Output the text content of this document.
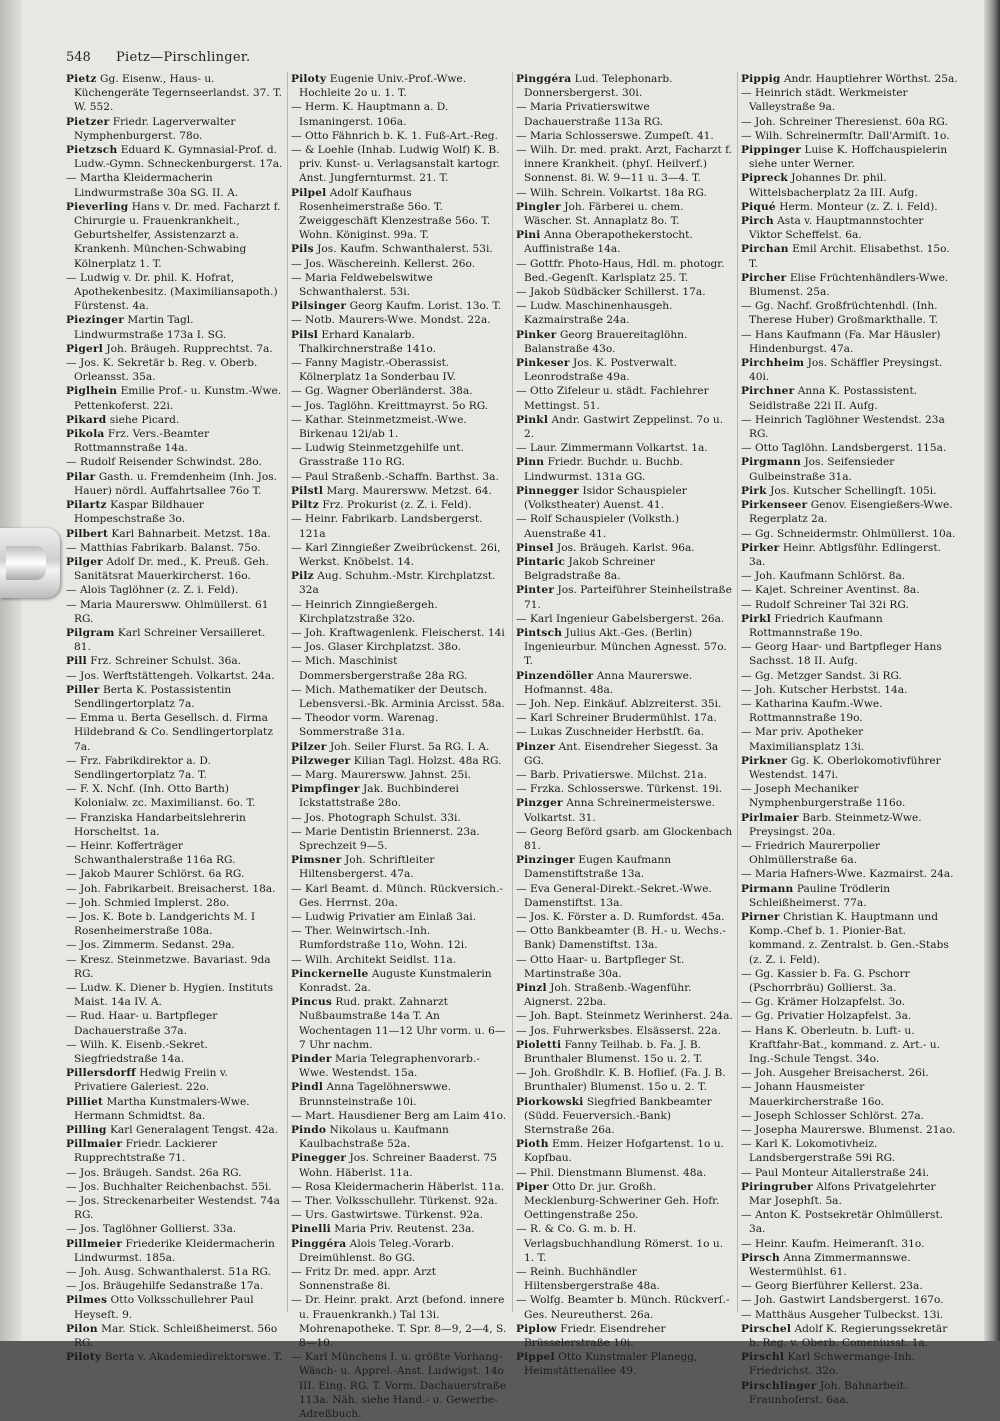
548 Pietz—Pirschlinger.

Pietz Gg. Eisenw., Haus- u. Küchengeräte Tegernseerlandst. 37. T. W. 552.

Pietzer Friedr. Lagerverwalter Nymphenburgerst. 78o.

Pietzsch Eduard K. Gymnasial-Prof. d. Ludw.-Gymn. Schneckenburgerst. 17a.

— Martha Kleidermacherin Lindwurmstraße 30a SG. II. A.

Pieverling Hans v. Dr. med. Facharzt f. Chirurgie u. Frauenkrankheit., Geburtshelfer, Assistenzarzt a. Krankenh. München-Schwabing Kölnerplatz 1. T.

— Ludwig v. Dr. phil. K. Hofrat, Apothekenbesitz. (Maximiliansapoth.) Fürstenst. 4a.

Piezinger Martin Tagl. Lindwurmstraße 173a I. SG.

Pigerl Joh. Bräugeh. Rupprechtst. 7a.

— Jos. K. Sekretär b. Reg. v. Oberb. Orleansst. 35a.

Piglhein Emilie Prof.- u. Kunstm.-Wwe. Pettenkoferst. 22i.

Pikard siehe Picard.

Pikola Frz. Vers.-Beamter Rottmannstraße 14a.

— Rudolf Reisender Schwindst. 28o.

Pilar Gasth. u. Fremdenheim (Inh. Jos. Hauer) nördl. Auffahrtsallee 76o T.

Pilartz Kaspar Bildhauer Hompeschstraße 3o.

Pilbert Karl Bahnarbeit. Metzst. 18a.

— Matthias Fabrikarb. Balanst. 75o.

Pilger Adolf Dr. med., K. Preuß. Geh. Sanitätsrat Mauerkircherst. 16o.

— Alois Taglöhner (z. Z. i. Feld).

— Maria Maurersww. Ohlmüllerst. 61 RG.

Pilgram Karl Schreiner Versailleret. 81.

Pill Frz. Schreiner Schulst. 36a.

— Jos. Werftstättengeh. Volkartst. 24a.

Piller Berta K. Postassistentin Sendlingertorplatz 7a.

— Emma u. Berta Gesellsch. d. Firma Hildebrand & Co. Sendlingertorplatz 7a.

— Frz. Fabrikdirektor a. D. Sendlingertorplatz 7a. T.

— F. X. Nchf. (Inh. Otto Barth) Kolonialw. zc. Maximilianst. 6o. T.

— Franziska Handarbeitslehrerin Horscheltst. 1a.

— Heinr. Kofferträger Schwanthalerstraße 116a RG.

— Jakob Maurer Schlörst. 6a RG.

— Joh. Fabrikarbeit. Breisacherst. 18a.

— Joh. Schmied Implerst. 28o.

— Jos. K. Bote b. Landgerichts M. I Rosenheimerstraße 108a.

— Jos. Zimmerm. Sedanst. 29a.

— Kresz. Steinmetzwe. Bavariast. 9da RG.

— Ludw. K. Diener b. Hygien. Instituts Maist. 14a IV. A.

— Rud. Haar- u. Bartpfleger Dachauerstraße 37a.

— Wilh. K. Eisenb.-Sekret. Siegfriedstraße 14a.

Pillersdorff Hedwig Freiin v. Privatiere Galeriest. 22o.

Pilliet Martha Kunstmalers-Wwe. Hermann Schmidtst. 8a.

Pilling Karl Generalagent Tengst. 42a.

Pillmaier Friedr. Lackierer Rupprechtstraße 71.

— Jos. Bräugeh. Sandst. 26a RG.

— Jos. Buchhalter Reichenbachst. 55i.

— Jos. Streckenarbeiter Westendst. 74a RG.

— Jos. Taglöhner Gollierst. 33a.

Pillmeier Friederike Kleidermacherin Lindwurmst. 185a.

— Joh. Ausg. Schwanthalerst. 51a RG.

— Jos. Bräugehilfe Sedanstraße 17a.

Pilmes Otto Volksschullehrer Paul Heyseſt. 9.

Pilon Mar. Stick. Schleißheimerst. 56o RG.

Piloty Berta v. Akademiedirektorswe. T.

Piloty Eugenie Univ.-Prof.-Wwe. Hochleite 2o u. 1. T.

— Herm. K. Hauptmann a. D. Ismaningerst. 106a.

— Otto Fähnrich b. K. 1. Fuß-Art.-Reg.

— & Loehle (Inhab. Ludwig Wolf) K. B. priv. Kunst- u. Verlagsanstalt kartogr. Anst. Jungfernturmst. 21. T.

Pilpel Adolf Kaufhaus Rosenheimerstraße 56o. T. Zweiggeschäft Klenzestraße 56o. T. Wohn. Königinst. 99a. T.

Pils Jos. Kaufm. Schwanthalerst. 53i.

— Jos. Wäschereinh. Kellerst. 26o.

— Maria Feldwebelswitwe Schwanthalerst. 53i.

Pilsinger Georg Kaufm. Lorist. 13o. T.

— Notb. Maurers-Wwe. Mondst. 22a.

Pilsl Erhard Kanalarb. Thalkirchnerstraße 141o.

— Fanny Magistr.-Oberassist. Kölnerplatz 1a Sonderbau IV.

— Gg. Wagner Oberländerst. 38a.

— Jos. Taglöhn. Kreittmayrst. 5o RG.

— Kathar. Steinmetzmeist.-Wwe. Birkenau 12i/ab 1.

— Ludwig Steinmetzgehilfe unt. Grasstraße 11o RG.

— Paul Straßenb.-Schaffn. Barthst. 3a.

Pilstl Marg. Maurersww. Metzst. 64.

Piltz Frz. Prokurist (z. Z. i. Feld).

— Heinr. Fabrikarb. Landsbergerst. 121a

— Karl Zinngießer Zweibrückenst. 26i, Werkst. Knöbelst. 14.

Pilz Aug. Schuhm.-Mstr. Kirchplatzst. 32a

— Heinrich Zinngießergeh. Kirchplatzstraße 32o.

— Joh. Kraftwagenlenk. Fleischerst. 14i

— Jos. Glaser Kirchplatzst. 38o.

— Mich. Maschinist Dommersbergerstraße 28a RG.

— Mich. Mathematiker der Deutsch. Lebensversi.-Bk. Arminia Arcisst. 58a.

— Theodor vorm. Warenag. Sommerstraße 31a.

Pilzer Joh. Seiler Flurst. 5a RG. I. A.

Pilzweger Kilian Tagl. Holzst. 48a RG.

— Marg. Maurersww. Jahnst. 25i.

Pimpfinger Jak. Buchbinderei Ickstattstraße 28o.

— Jos. Photograph Schulst. 33i.

— Marie Dentistin Briennerst. 23a. Sprechzeit 9—5.

Pimsner Joh. Schriftleiter Hiltensbergerst. 47a.

— Karl Beamt. d. Münch. Rückversich.-Ges. Herrnst. 20a.

— Ludwig Privatier am Einlaß 3ai.

— Ther. Weinwirtsch.-Inh. Rumfordstraße 11o, Wohn. 12i.

— Wilh. Architekt Seidlst. 11a.

Pinckernelle Auguste Kunstmalerin Konradst. 2a.

Pincus Rud. prakt. Zahnarzt Nußbaumstraße 14a T. An Wochentagen 11—12 Uhr vorm. u. 6—7 Uhr nachm.

Pinder Maria Telegraphenvorarb.-Wwe. Westendst. 15a.

Pindl Anna Tagelöhnerswwe. Brunnsteinstraße 10i.

— Mart. Hausdiener Berg am Laim 41o.

Pindo Nikolaus u. Kaufmann Kaulbachstraße 52a.

Pinegger Jos. Schreiner Baaderst. 75 Wohn. Häberlst. 11a.

— Rosa Kleidermacherin Häberlst. 11a.

— Ther. Volksschullehr. Türkenst. 92a.

— Urs. Gastwirtswe. Türkenst. 92a.

Pinelli Maria Priv. Reutenst. 23a.

Pinggéra Alois Teleg.-Vorarb. Dreimühlenst. 8o GG.

— Fritz Dr. med. appr. Arzt Sonnenstraße 8i.

— Dr. Heinr. prakt. Arzt (befond. innere u. Frauenkrankh.) Tal 13i. Mohrenapotheke. T. Spr. 8—9, 2—4, S. 8—10.

— Karl Münchens I. u. größte Vorhang-Wäsch- u. Apprel.-Anst. Ludwigst. 14o III. Eing. RG. T. Vorm. Dachauerstraße 113a. Näh. siehe Hand.- u. Gewerbe-Adreßbuch.

Pinggéra Lud. Telephonarb. Donnersbergerst. 30i.

— Maria Privatierswitwe Dachauerstraße 113a RG.

— Maria Schlosserswe. Zumpeſt. 41.

— Wilh. Dr. med. prakt. Arzt, Facharzt f. innere Krankheit. (phyſ. Heilverf.) Sonnenst. 8i. W. 9—11 u. 3—4. T.

— Wilh. Schrein. Volkartst. 18a RG.

Pingler Joh. Färberei u. chem. Wäscher. St. Annaplatz 8o. T.

Pini Anna Oberapothekerstocht. Auffinistraße 14a.

— Gottfr. Photo-Haus, Hdl. m. photogr. Bed.-Gegenſt. Karlsplatz 25. T.

— Jakob Südbäcker Schillerst. 17a.

— Ludw. Maschinenhausgeh. Kazmairstraße 24a.

Pinker Georg Brauereitaglöhn. Balanstraße 43o.

Pinkeser Jos. K. Postverwalt. Leonrodstraße 49a.

— Otto Zifeleur u. städt. Fachlehrer Mettingst. 51.

Pinkl Andr. Gastwirt Zeppelinst. 7o u. 2.

— Laur. Zimmermann Volkartst. 1a.

Pinn Friedr. Buchdr. u. Buchb. Lindwurmst. 131a GG.

Pinnegger Isidor Schauspieler (Volkstheater) Auenst. 41.

— Rolf Schauspieler (Volksth.) Auenstraße 41.

Pinsel Jos. Bräugeh. Karlst. 96a.

Pintaric Jakob Schreiner Belgradstraße 8a.

Pinter Jos. Parteiführer Steinheilstraße 71.

— Karl Ingenieur Gabelsbergerst. 26a.

Pintsch Julius Akt.-Ges. (Berlin) Ingenieurbur. München Agnesst. 57o. T.

Pinzendöller Anna Maurerswe. Hofmannst. 48a.

— Joh. Nep. Einkäuf. Ablzreiterst. 35i.

— Karl Schreiner Brudermühlst. 17a.

— Lukas Zuschneider Herbstſt. 6a.

Pinzer Ant. Eisendreher Siegesst. 3a GG.

— Barb. Privatierswe. Milchst. 21a.

— Frzka. Schlosserswe. Türkenst. 19i.

Pinzger Anna Schreinermeisterswe. Volkartst. 31.

— Georg Beförd gsarb. am Glockenbach 81.

Pinzinger Eugen Kaufmann Damenstiftstraße 13a.

— Eva General-Direkt.-Sekret.-Wwe. Damenstiftst. 13a.

— Jos. K. Förster a. D. Rumfordst. 45a.

— Otto Bankbeamter (B. H.- u. Wechs.-Bank) Damenstiftst. 13a.

— Otto Haar- u. Bartpfleger St. Martinstraße 30a.

Pinzl Joh. Straßenb.-Wagenführ. Aignerst. 22ba.

— Joh. Bapt. Steinmetz Werinherst. 24a.

— Jos. Fuhrwerksbes. Elsässerst. 22a.

Pioletti Fanny Teilhab. b. Fa. J. B. Brunthaler Blumenst. 15o u. 2. T.

— Joh. Großhdlr. K. B. Hoflief. (Fa. J. B. Brunthaler) Blumenst. 15o u. 2. T.

Piorkowski Siegfried Bankbeamter (Südd. Feuerversich.-Bank) Sternstraße 26a.

Pioth Emm. Heizer Hofgartenst. 1o u. Kopfbau.

— Phil. Dienstmann Blumenst. 48a.

Piper Otto Dr. jur. Großh. Mecklenburg-Schweriner Geh. Hofr. Oettingenstraße 25o.

— R. & Co. G. m. b. H. Verlagsbuchhandlung Römerst. 1o u. 1. T.

— Reinh. Buchhändler Hiltensbergerstraße 48a.

— Wolfg. Beamter b. Münch. Rückverſ.-Ges. Neureutherst. 26a.

Piplow Friedr. Eisendreher Brüsselerstraße 10i.

Pippel Otto Kunstmaler Planegg, Heimstättenallee 49.

Pippig Andr. Hauptlehrer Wörthst. 25a.

— Heinrich städt. Werkmeister Valleystraße 9a.

— Joh. Schreiner Theresienst. 60a RG.

— Wilh. Schreinermſtr. Dall'Armiſt. 1o.

Pippinger Luise K. Hoffchauspielerin siehe unter Werner.

Pipreck Johannes Dr. phil. Wittelsbacherplatz 2a III. Aufg.

Piqué Herm. Monteur (z. Z. i. Feld).

Pirch Asta v. Hauptmannstochter Viktor Scheffelst. 6a.

Pirchan Emil Archit. Elisabethst. 15o. T.

Pircher Elise Früchtenhändlers-Wwe. Blumenst. 25a.

— Gg. Nachf. Großfrüchtenhdl. (Inh. Therese Huber) Großmarkthalle. T.

— Hans Kaufmann (Fa. Mar Häusler) Hindenburgst. 47a.

Pirchheim Jos. Schäffler Preysingst. 40i.

Pirchner Anna K. Postassistent. Seidlstraße 22i II. Aufg.

— Heinrich Taglöhner Westendst. 23a RG.

— Otto Taglöhn. Landsbergerst. 115a.

Pirgmann Jos. Seifensieder Gulbeinstraße 31a.

Pirk Jos. Kutscher Schellingſt. 105i.

Pirkenseer Genov. Eisengießers-Wwe. Regerplatz 2a.

— Gg. Schneidermstr. Ohlmüllerst. 10a.

Pirker Heinr. Abtlgsführ. Edlingerst. 3a.

— Joh. Kaufmann Schlörst. 8a.

— Kajet. Schreiner Aventinst. 8a.

— Rudolf Schreiner Tal 32i RG.

Pirkl Friedrich Kaufmann Rottmannstraße 19o.

— Georg Haar- und Bartpfleger Hans Sachsst. 18 II. Aufg.

— Gg. Metzger Sandst. 3i RG.

— Joh. Kutscher Herbstst. 14a.

— Katharina Kaufm.-Wwe. Rottmannstraße 19o.

— Mar priv. Apotheker Maximiliansplatz 13i.

Pirkner Gg. K. Oberlokomotivführer Westendst. 147i.

— Joseph Mechaniker Nymphenburgerstraße 116o.

Pirlmaier Barb. Steinmetz-Wwe. Preysingst. 20a.

— Friedrich Maurerpolier Ohlmüllerstraße 6a.

— Maria Hafners-Wwe. Kazmairst. 24a.

Pirmann Pauline Trödlerin Schleißheimerst. 77a.

Pirner Christian K. Hauptmann und Komp.-Chef b. 1. Pionier-Bat. kommand. z. Zentralst. b. Gen.-Stabs (z. Z. i. Feld).

— Gg. Kassier b. Fa. G. Pschorr (Pschorrbräu) Gollierst. 3a.

— Gg. Krämer Holzapfelst. 3o.

— Gg. Privatier Holzapfelst. 3a.

— Hans K. Oberleutn. b. Luft- u. Kraftfahr-Bat., kommand. z. Art.- u. Ing.-Schule Tengst. 34o.

— Joh. Ausgeher Breisacherst. 26i.

— Johann Hausmeister Mauerkircherstraße 16o.

— Joseph Schlosser Schlörst. 27a.

— Josepha Maurerswe. Blumenst. 21ao.

— Karl K. Lokomotivheiz. Landsbergerstraße 59i RG.

— Paul Monteur Aitallerstraße 24i.

Piringruber Alfons Privatgelehrter Mar Josephſt. 5a.

— Anton K. Postsekretär Ohlmüllerst. 3a.

— Heinr. Kaufm. Heimeranſt. 31o.

Pirsch Anna Zimmermannswe. Westermühlst. 61.

— Georg Bierführer Kellerst. 23a.

— Joh. Gastwirt Landsbergerst. 167o.

— Matthäus Ausgeher Tulbeckst. 13i.

Pirschel Adolf K. Regierungssekretär b. Reg. v. Oberb. Comeniusst. 1a.

Pirschl Karl Schwermange-Inh. Friedrichst. 32o.

Pirschlinger Joh. Bahnarbeit. Fraunhoferst. 6aa.
